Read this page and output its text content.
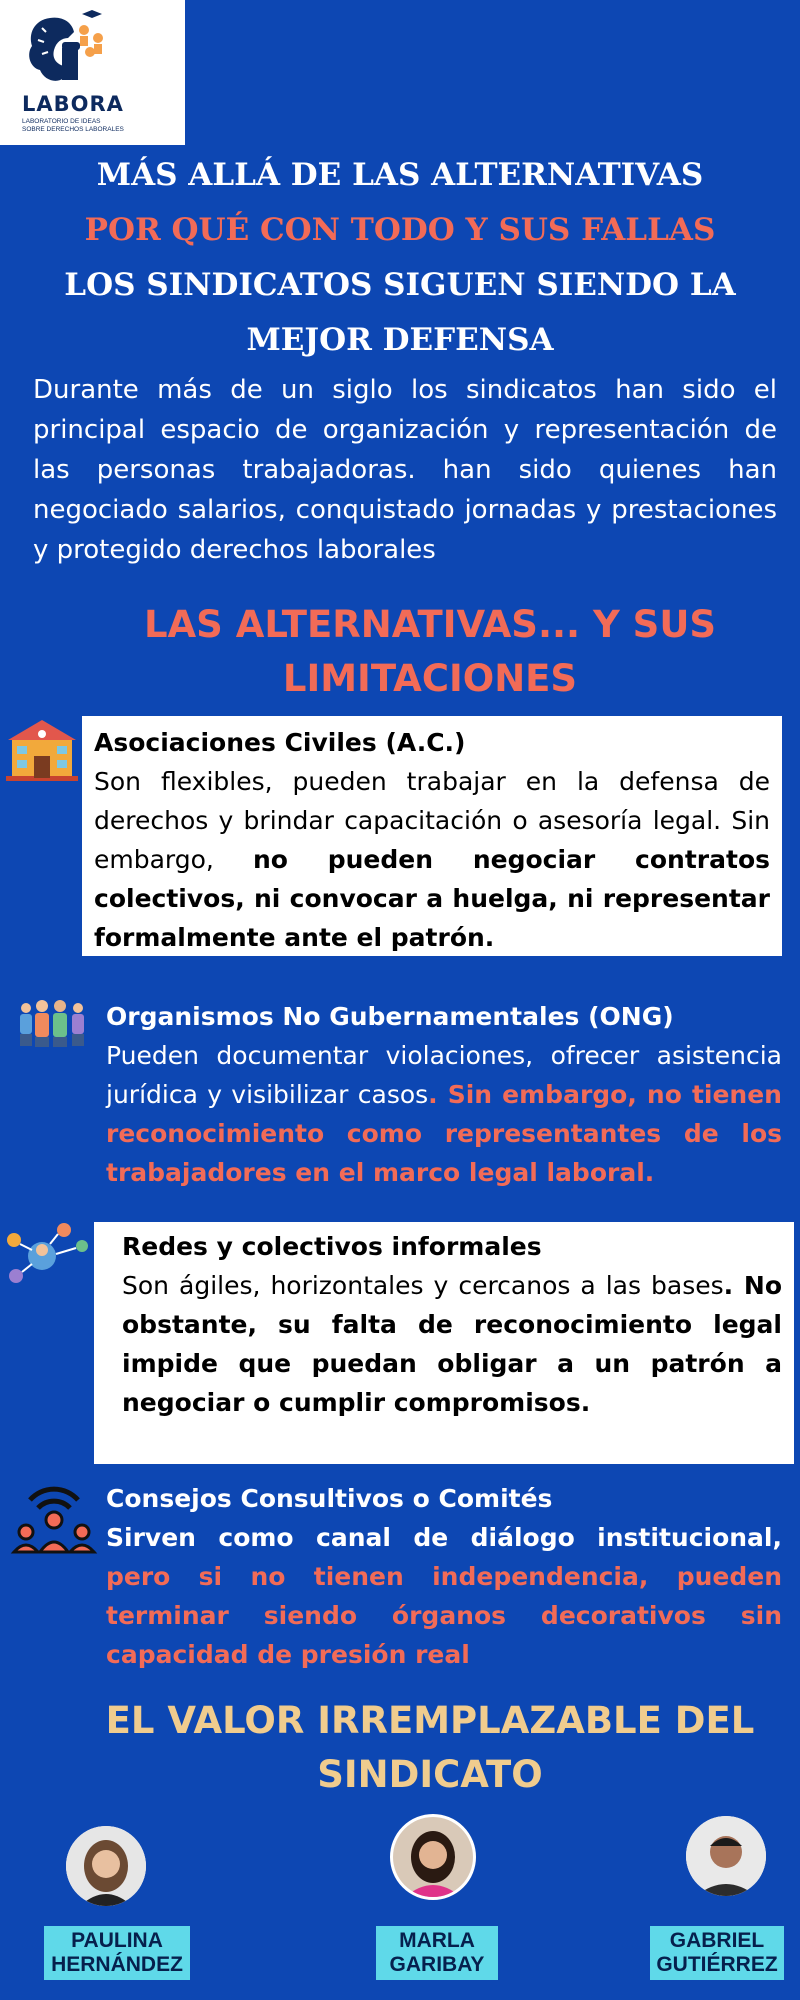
LABORA
LABORATORIO DE IDEAS
SOBRE DERECHOS LABORALES
MÁS ALLÁ DE LAS ALTERNATIVAS
POR QUÉ CON TODO Y SUS FALLAS
LOS SINDICATOS SIGUEN SIENDO LA
MEJOR DEFENSA
Durante más de un siglo los sindicatos han sido el principal espacio de organización y representación de las personas trabajadoras. han sido quienes han negociado salarios, conquistado jornadas y prestaciones y protegido derechos laborales
LAS ALTERNATIVAS... Y SUS
LIMITACIONES
Asociaciones Civiles (A.C.)
Son flexibles, pueden trabajar en la defensa de derechos y brindar capacitación o asesoría legal. Sin embargo, no pueden negociar contratos colectivos, ni convocar a huelga, ni representar formalmente ante el patrón.
Organismos No Gubernamentales (ONG)
Pueden documentar violaciones, ofrecer asistencia jurídica y visibilizar casos. Sin embargo, no tienen reconocimiento como representantes de los trabajadores en el marco legal laboral.
Redes y colectivos informales
Son ágiles, horizontales y cercanos a las bases. No obstante, su falta de reconocimiento legal impide que puedan obligar a un patrón a negociar o cumplir compromisos.
Consejos Consultivos o Comités
Sirven como canal de diálogo institucional, pero si no tienen independencia, pueden terminar siendo órganos decorativos sin capacidad de presión real
EL VALOR IRREMPLAZABLE DEL
SINDICATO
PAULINA
HERNÁNDEZ
MARLA
GARIBAY
GABRIEL
GUTIÉRREZ
